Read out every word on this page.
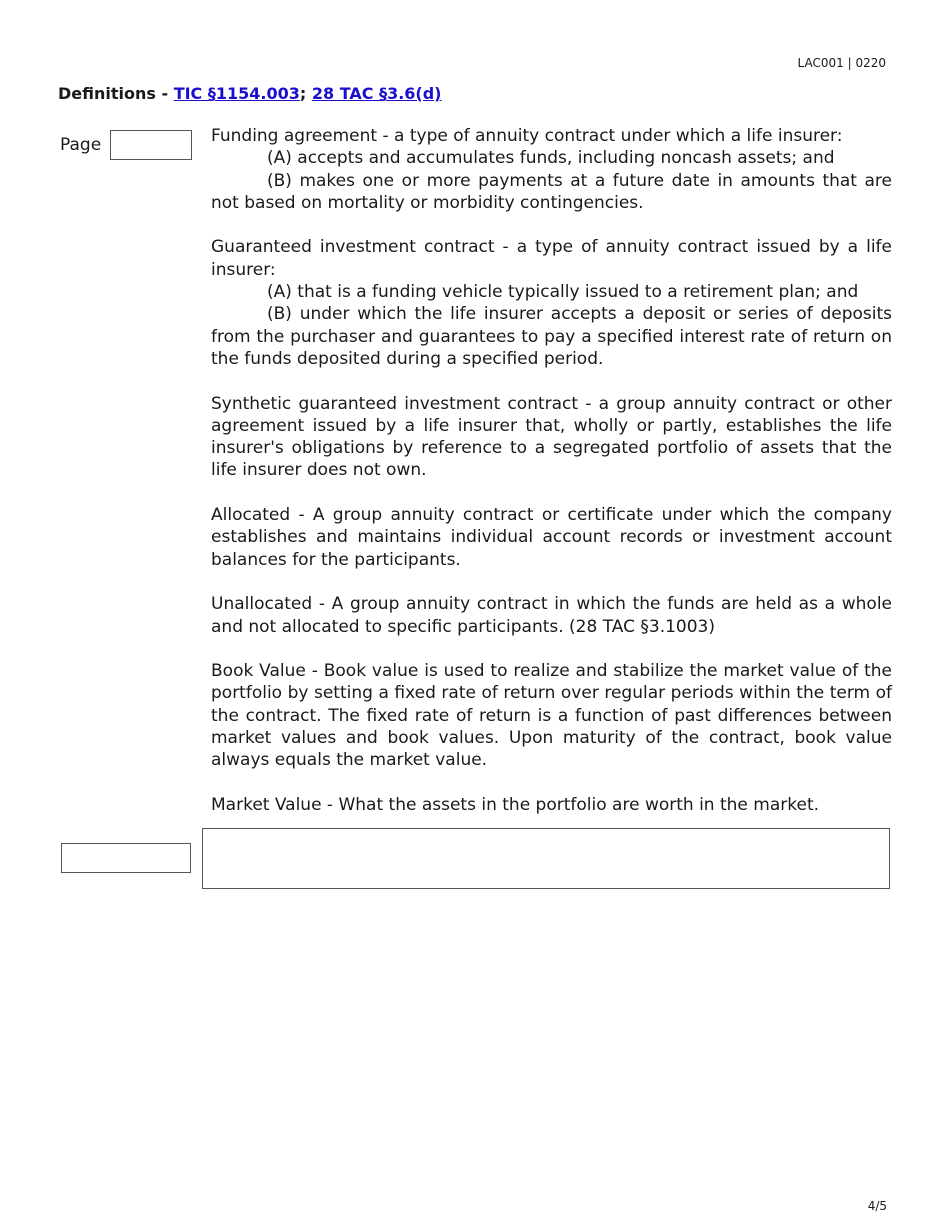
LAC001 | 0220
Definitions - TIC §1154.003; 28 TAC §3.6(d)
Page	Funding agreement - a type of annuity contract under which a life insurer:
(A) accepts and accumulates funds, including noncash assets; and
(B) makes one or more payments at a future date in amounts that are not based on mortality or morbidity contingencies.

Guaranteed investment contract - a type of annuity contract issued by a life insurer:
(A) that is a funding vehicle typically issued to a retirement plan; and
(B) under which the life insurer accepts a deposit or series of deposits from the purchaser and guarantees to pay a specified interest rate of return on the funds deposited during a specified period.

Synthetic guaranteed investment contract - a group annuity contract or other agreement issued by a life insurer that, wholly or partly, establishes the life insurer's obligations by reference to a segregated portfolio of assets that the life insurer does not own.

Allocated - A group annuity contract or certificate under which the company establishes and maintains individual account records or investment account balances for the participants.

Unallocated - A group annuity contract in which the funds are held as a whole and not allocated to specific participants. (28 TAC §3.1003)

Book Value - Book value is used to realize and stabilize the market value of the portfolio by setting a fixed rate of return over regular periods within the term of the contract. The fixed rate of return is a function of past differences between market values and book values. Upon maturity of the contract, book value always equals the market value.

Market Value - What the assets in the portfolio are worth in the market.

4/5
